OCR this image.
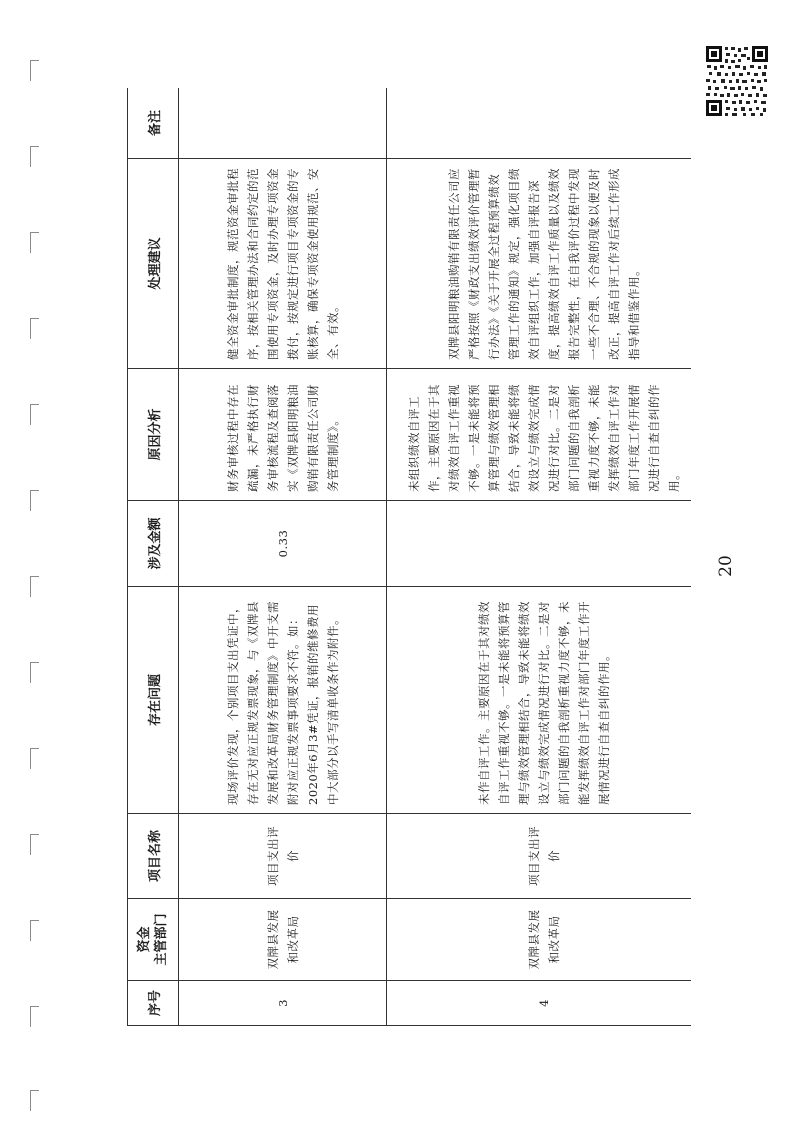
序号	资金 主管部门	项目名称	存在问题	涉及金额	原因分析	处理建议	备注
3	双牌县发展和改革局	项目支出评价	现场评价发现，个别项目支出凭证中，存在无对应正规发票现象，与《双牌县发展和改革局财务管理制度》中开支需附对应正规发票事项要求不符。如：2020年6月3#凭证，报销的维修费用中大部分以手写清单收条作为附件。	0.33	财务审核过程中存在疏漏，未严格执行财务审核流程及查阅落实《双牌县阳明粮油购销有限责任公司财务管理制度》。	健全资金审批制度，规范资金审批程序，按相关管理办法和合同约定的范围使用专项资金，及时办理专项资金拨付，按规定进行项目专项资金的专账核算，确保专项资金使用规范、安全、有效。	
4	双牌县发展和改革局	项目支出评价	未作自评工作。主要原因在于其对绩效自评工作重视不够。一是未能将预算管理与绩效管理相结合，导致未能将绩效设立与绩效完成情况进行对比。二是对部门问题的自我剖析重视力度不够，未能发挥绩效自评工作对部门年度工作开展情况进行自查自纠的作用。		未组织绩效自评工作，主要原因在于其对绩效自评工作重视不够。一是未能将预算管理与绩效管理相结合，导致未能将绩效设立与绩效完成情况进行对比。二是对部门问题的自我剖析重视力度不够，未能发挥绩效自评工作对部门年度工作开展情况进行自查自纠的作用。	双牌县阳明粮油购销有限责任公司应严格按照《财政支出绩效评价管理暂行办法》《关于开展全过程预算绩效管理工作的通知》规定，强化项目绩效自评组织工作，加强自评报告深度，提高绩效自评工作质量以及绩效报告完整性，在自我评价过程中发现一些不合理、不合规的现象以便及时改正，提高自评工作对后续工作形成指导和借鉴作用。	
20
